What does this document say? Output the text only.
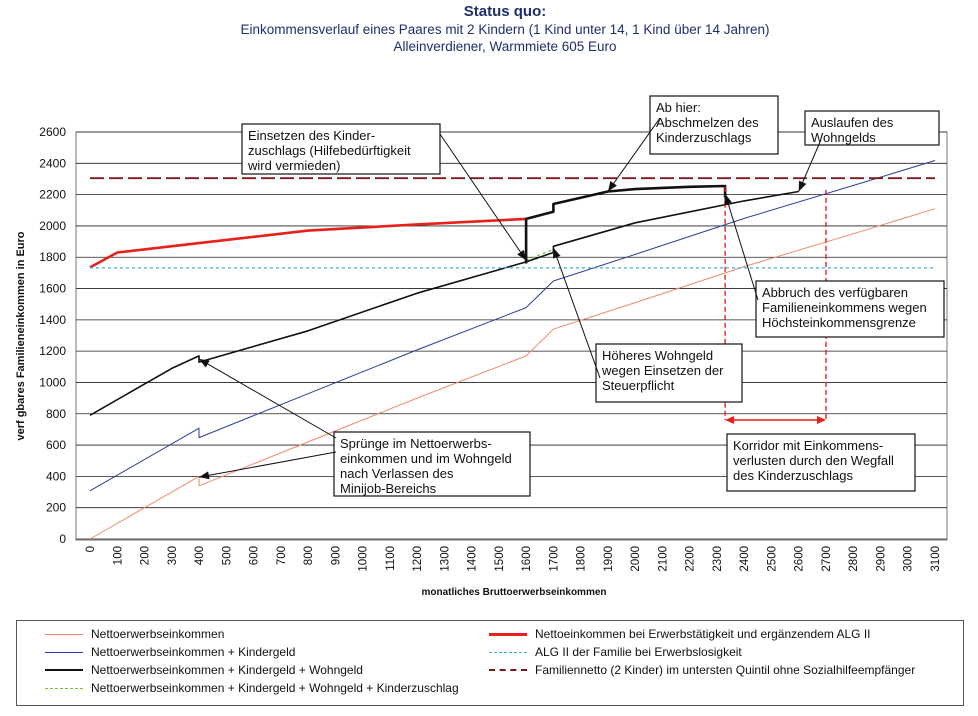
Status quo:
Einkommensverlauf eines Paares mit 2 Kindern (1 Kind unter 14, 1 Kind über 14 Jahren)
Alleinverdiener, Warmmiete 605 Euro
0
200
400
600
800
1000
1200
1400
1600
1800
2000
2200
2400
2600
0 100 200 300 400 500 600 700 800 900 1000 1100 1200 1300 1400 1500 1600 1700 1800 1900 2000 2100 2200 2300 2400 2500 2600 2700 2800 2900 3000 3100
Einsetzen des Kinder-
zuschlags (Hilfebedürftigkeit
wird vermieden)
Ab hier:
Abschmelzen des
Kinderzuschlags
Auslaufen des
Wohngelds
Abbruch des verfügbaren
Familieneinkommens wegen
Höchsteinkommensgrenze
Höheres Wohngeld
wegen Einsetzen der
Steuerpflicht
Sprünge im Nettoerwerbs-
einkommen und im Wohngeld
nach Verlassen des
Minijob-Bereichs
Korridor mit Einkommens-
verlusten durch den Wegfall
des Kinderzuschlags
verf gbares Familieneinkommen in Euro
monatliches Bruttoerwerbseinkommen
Nettoerwerbseinkommen
Nettoerwerbseinkommen + Kindergeld
Nettoerwerbseinkommen + Kindergeld + Wohngeld
Nettoerwerbseinkommen + Kindergeld + Wohngeld + Kinderzuschlag
Nettoeinkommen bei Erwerbstätigkeit und ergänzendem ALG II
ALG II der Familie bei Erwerbslosigkeit
Familiennetto (2 Kinder) im untersten Quintil ohne Sozialhilfeempfänger
